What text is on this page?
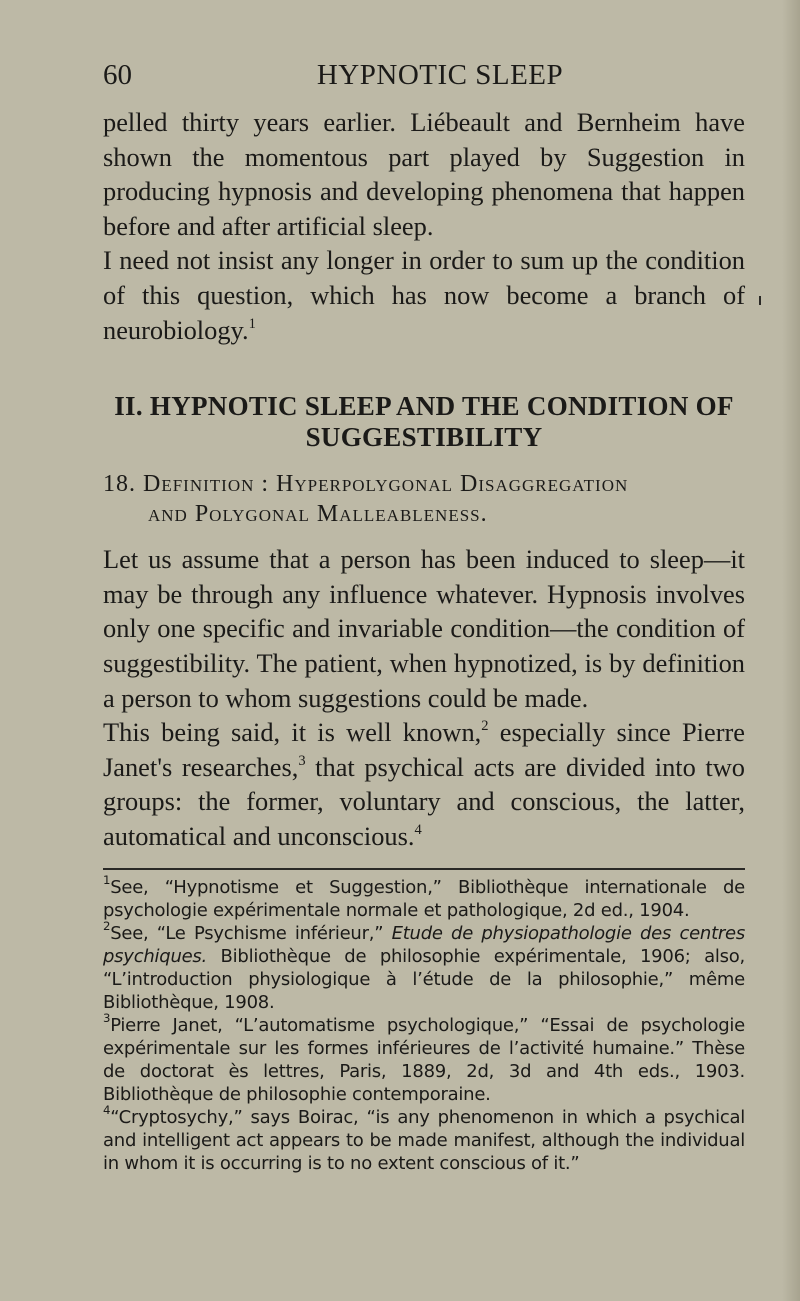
60	HYPNOTIC SLEEP

pelled thirty years earlier. Liébeault and Bernheim have shown the momentous part played by Suggestion in producing hypnosis and developing phenomena that happen before and after artificial sleep.

I need not insist any longer in order to sum up the condition of this question, which has now become a branch of neurobiology.$^1$

II. HYPNOTIC SLEEP AND THE CONDITION OF SUGGESTIBILITY
18. Definition : Hyperpolygonal Disaggregation
and Polygonal Malleableness.

Let us assume that a person has been induced to sleep—it may be through any influence whatever. Hypnosis involves only one specific and invariable condition—the condition of suggestibility. The patient, when hypnotized, is by definition a person to whom suggestions could be made.

This being said, it is well known,$^2$ especially since Pierre Janet's researches,$^3$ that psychical acts are divided into two groups: the former, voluntary and conscious, the latter, automatical and unconscious.$^4$

$^1$See, “Hypnotisme et Suggestion,” Bibliothèque internationale de psychologie expérimentale normale et pathologique, 2d ed., 1904.

$^2$See, “Le Psychisme inférieur,” Etude de physiopathologie des centres psychiques. Bibliothèque de philosophie expérimentale, 1906; also, “L’introduction physiologique à l’étude de la philosophie,” même Bibliothèque, 1908.

$^3$Pierre Janet, “L’automatisme psychologique,” “Essai de psychologie expérimentale sur les formes inférieures de l’activité humaine.” Thèse de doctorat ès lettres, Paris, 1889, 2d, 3d and 4th eds., 1903. Bibliothèque de philosophie contemporaine.

$^4$“Cryptosychy,” says Boirac, “is any phenomenon in which a psychical and intelligent act appears to be made manifest, although the individual in whom it is occurring is to no extent conscious of it.”
